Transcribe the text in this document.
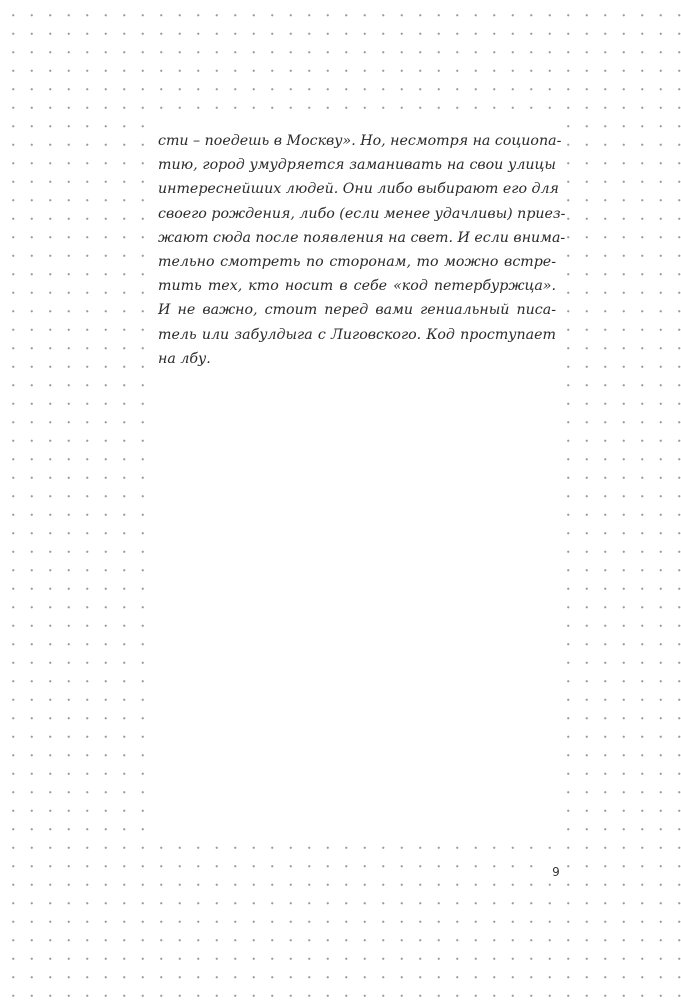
сти – поедешь в Москву». Но, несмотря на социопа-
тию, город умудряется заманивать на свои улицы
интереснейших людей. Они либо выбирают его для
своего рождения, либо (если менее удачливы) приез-
жают сюда после появления на свет. И если внима-
тельно смотреть по сторонам, то можно встре-
тить тех, кто носит в себе «код петербуржца».
И не важно, стоит перед вами гениальный писа-
тель или забулдыга с Лиговского. Код проступает
на лбу.

9
